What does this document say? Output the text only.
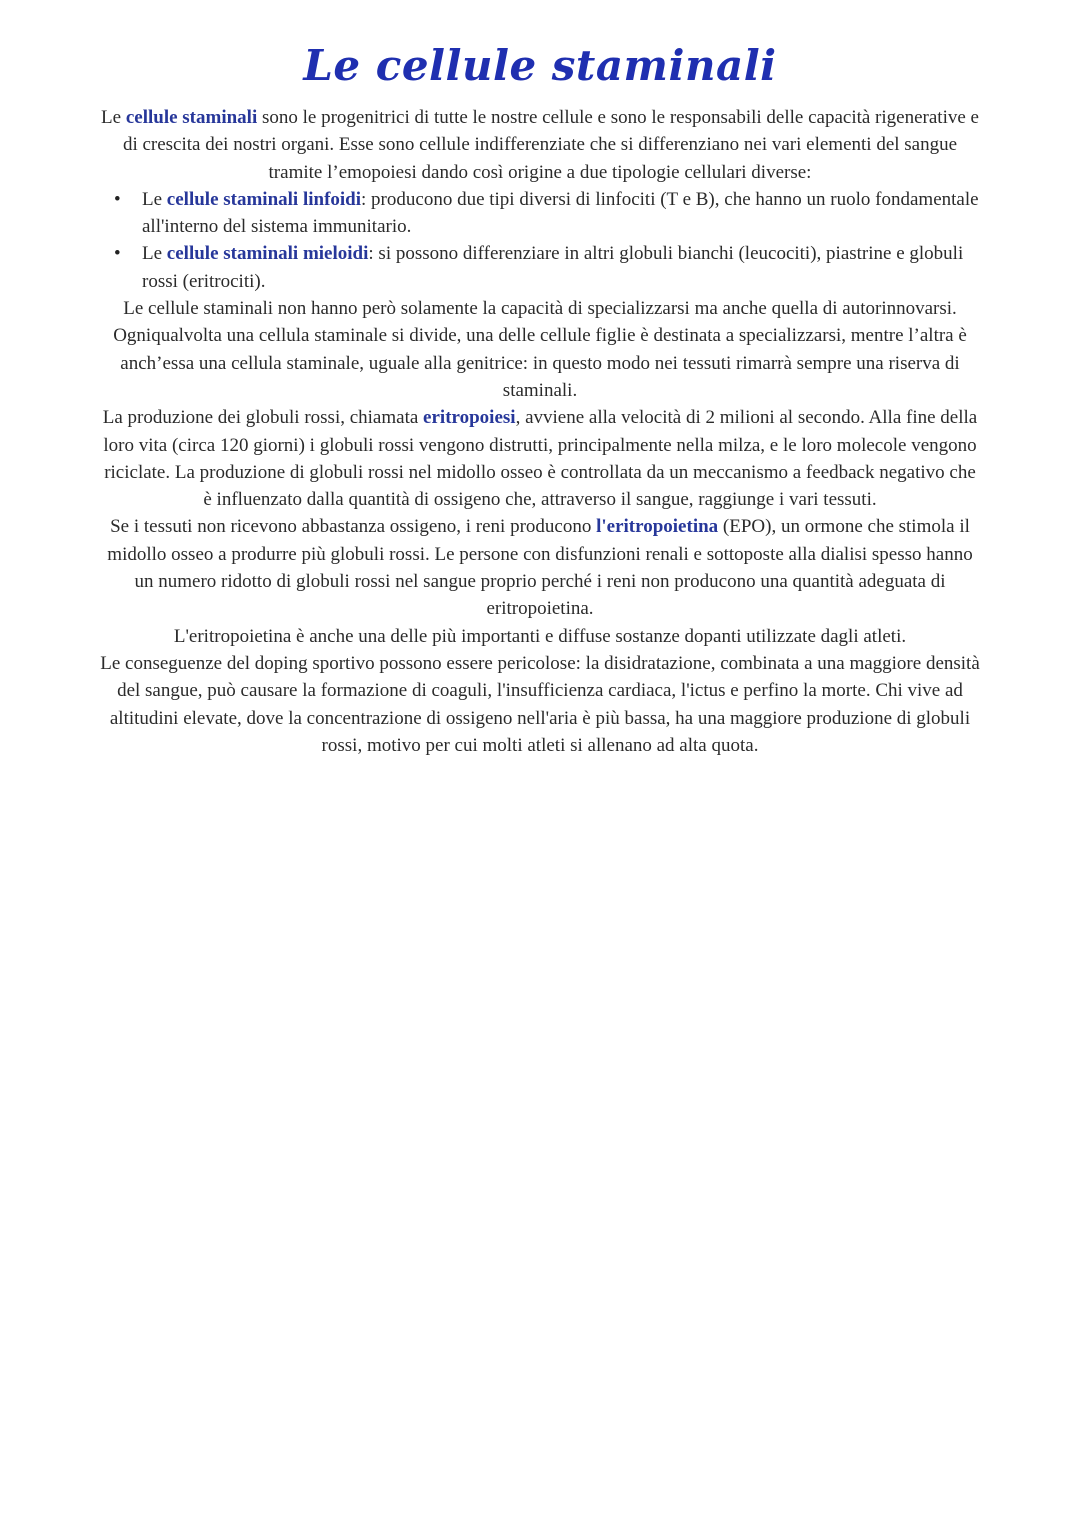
Le cellule staminali

Le cellule staminali sono le progenitrici di tutte le nostre cellule e sono le responsabili delle capacità rigenerative e di crescita dei nostri organi. Esse sono cellule indifferenziate che si differenziano nei vari elementi del sangue tramite l’emopoiesi dando così origine a due tipologie cellulari diverse:

• Le cellule staminali linfoidi: producono due tipi diversi di linfociti (T e B), che hanno un ruolo fondamentale all'interno del sistema immunitario.
• Le cellule staminali mieloidi: si possono differenziare in altri globuli bianchi (leucociti), piastrine e globuli rossi (eritrociti).

Le cellule staminali non hanno però solamente la capacità di specializzarsi ma anche quella di autorinnovarsi. Ogniqualvolta una cellula staminale si divide, una delle cellule figlie è destinata a specializzarsi, mentre l’altra è anch’essa una cellula staminale, uguale alla genitrice: in questo modo nei tessuti rimarrà sempre una riserva di staminali.

La produzione dei globuli rossi, chiamata eritropoiesi, avviene alla velocità di 2 milioni al secondo. Alla fine della loro vita (circa 120 giorni) i globuli rossi vengono distrutti, principalmente nella milza, e le loro molecole vengono riciclate. La produzione di globuli rossi nel midollo osseo è controllata da un meccanismo a feedback negativo che è influenzato dalla quantità di ossigeno che, attraverso il sangue, raggiunge i vari tessuti.

Se i tessuti non ricevono abbastanza ossigeno, i reni producono l'eritropoietina (EPO), un ormone che stimola il midollo osseo a produrre più globuli rossi. Le persone con disfunzioni renali e sottoposte alla dialisi spesso hanno un numero ridotto di globuli rossi nel sangue proprio perché i reni non producono una quantità adeguata di eritropoietina.

L'eritropoietina è anche una delle più importanti e diffuse sostanze dopanti utilizzate dagli atleti.

Le conseguenze del doping sportivo possono essere pericolose: la disidratazione, combinata a una maggiore densità del sangue, può causare la formazione di coaguli, l'insufficienza cardiaca, l'ictus e perfino la morte. Chi vive ad altitudini elevate, dove la concentrazione di ossigeno nell'aria è più bassa, ha una maggiore produzione di globuli rossi, motivo per cui molti atleti si allenano ad alta quota.
